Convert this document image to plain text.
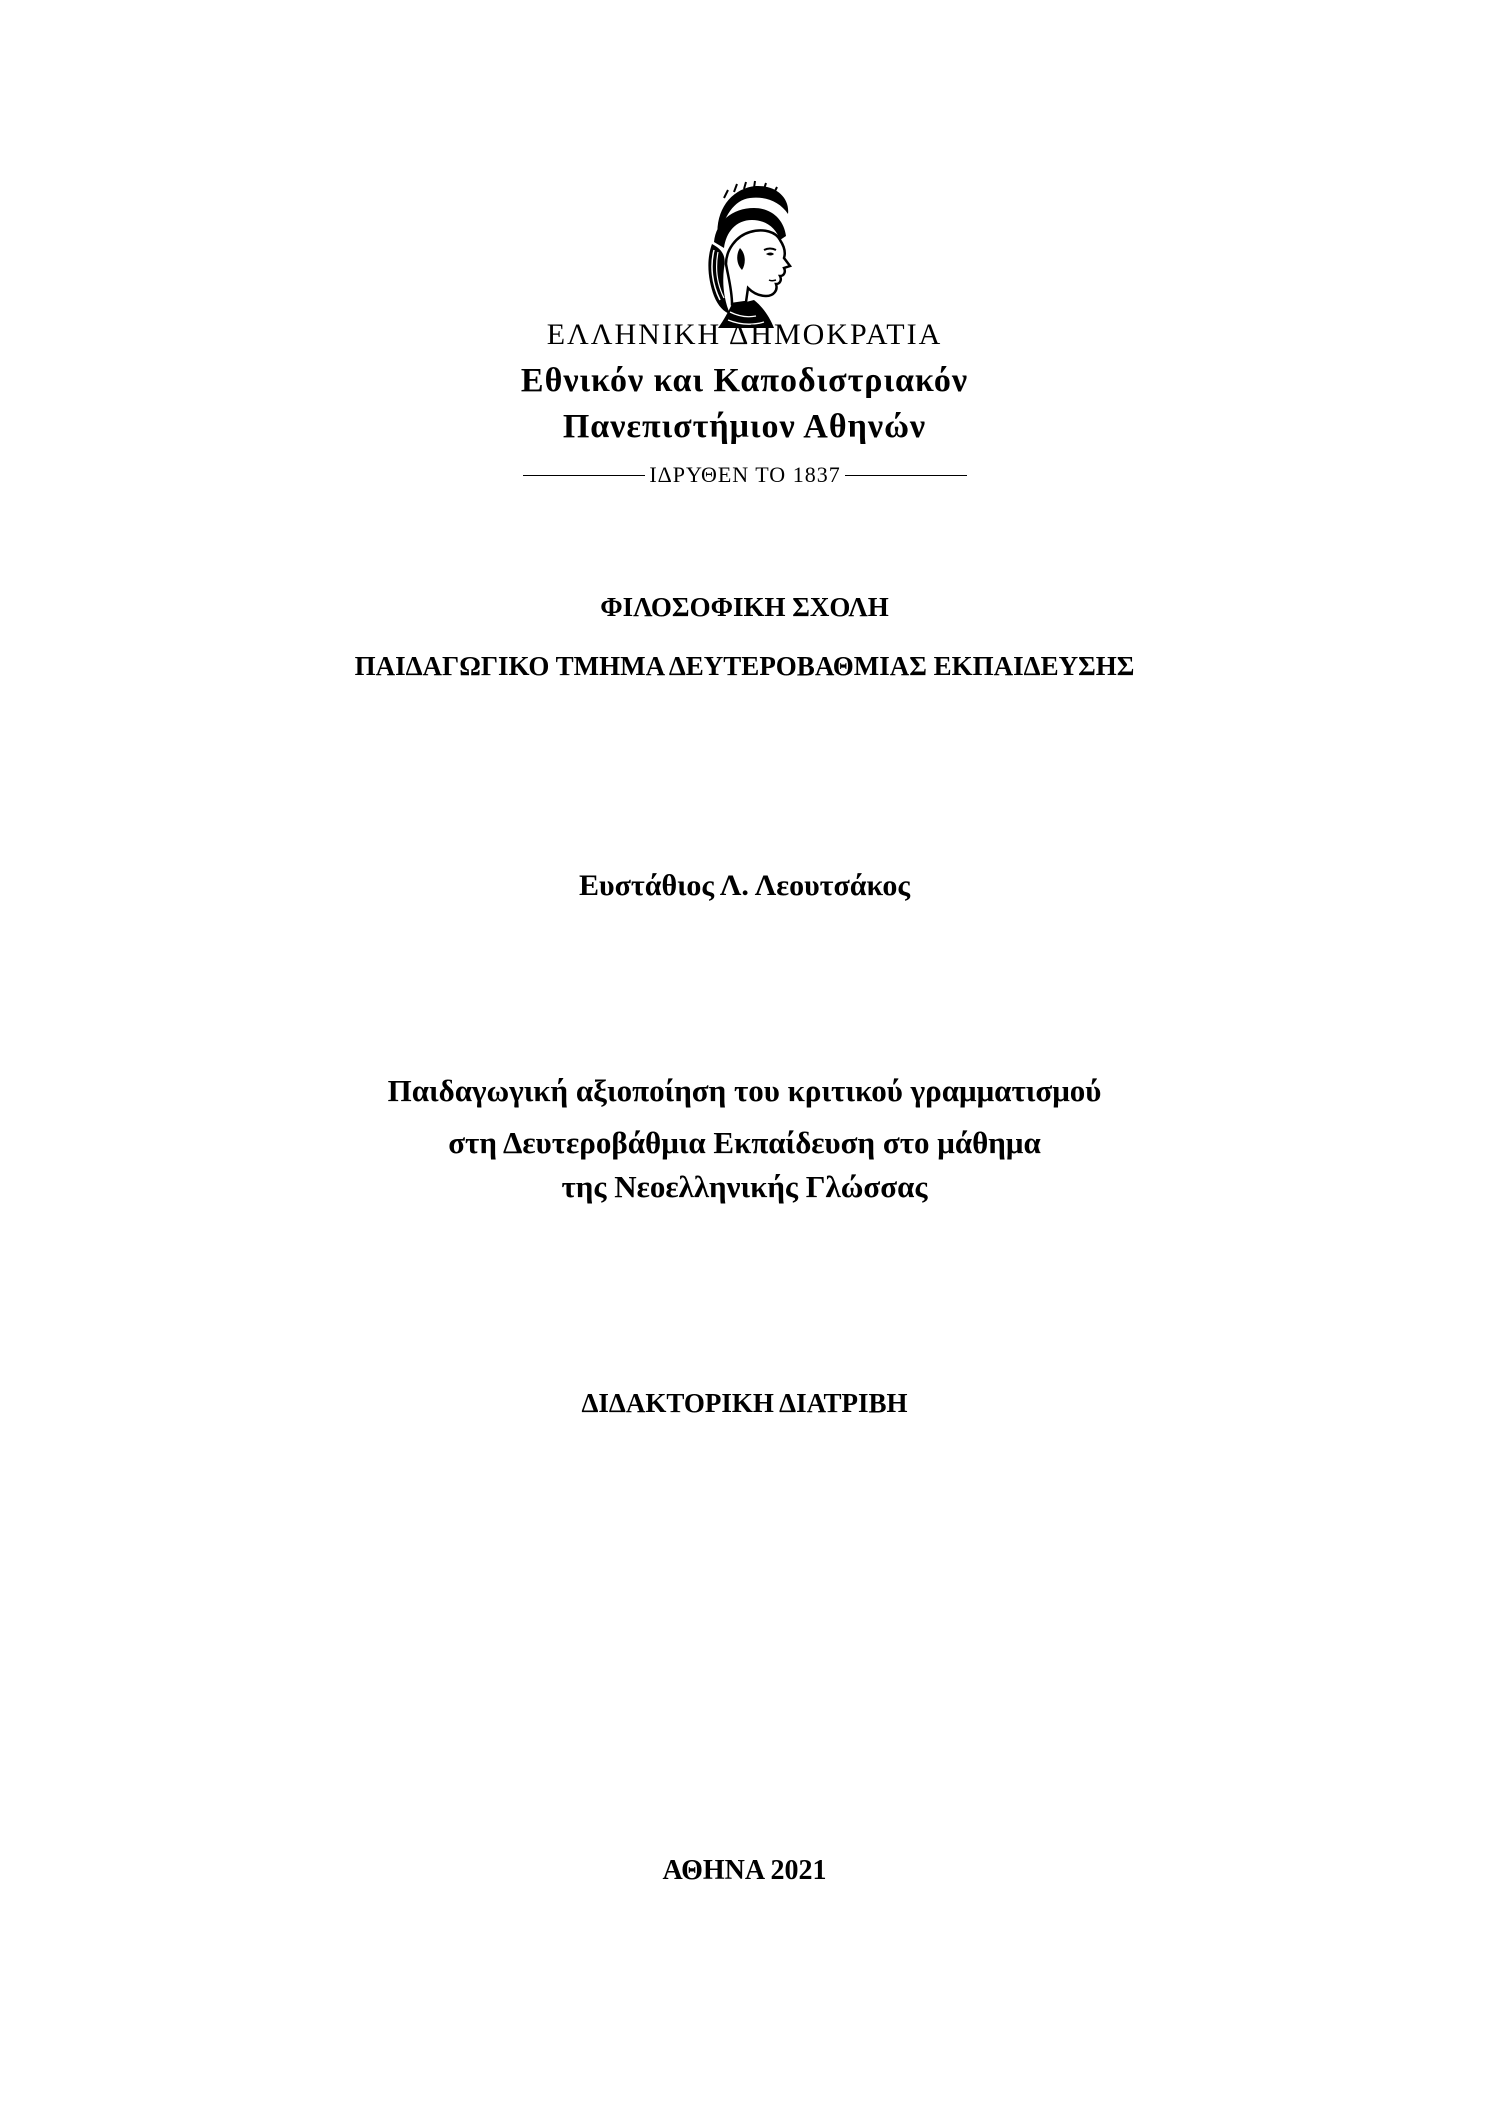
ΕΛΛΗΝΙΚΗ ΔΗΜΟΚΡΑΤΙΑ

Εθνικόν και Καποδιστριακόν

Πανεπιστήμιον Αθηνών

ΙΔΡΥΘΕΝ ΤΟ 1837

ΦΙΛΟΣΟΦΙΚΗ ΣΧΟΛΗ

ΠΑΙΔΑΓΩΓΙΚΟ ΤΜΗΜΑ ΔΕΥΤΕΡΟΒΑΘΜΙΑΣ ΕΚΠΑΙΔΕΥΣΗΣ

Ευστάθιος Λ. Λεουτσάκος

Παιδαγωγική αξιοποίηση του κριτικού γραμματισμού

στη Δευτεροβάθμια Εκπαίδευση στο μάθημα

της Νεοελληνικής Γλώσσας

ΔΙΔΑΚΤΟΡΙΚΗ ΔΙΑΤΡΙΒΗ

ΑΘΗΝΑ 2021
